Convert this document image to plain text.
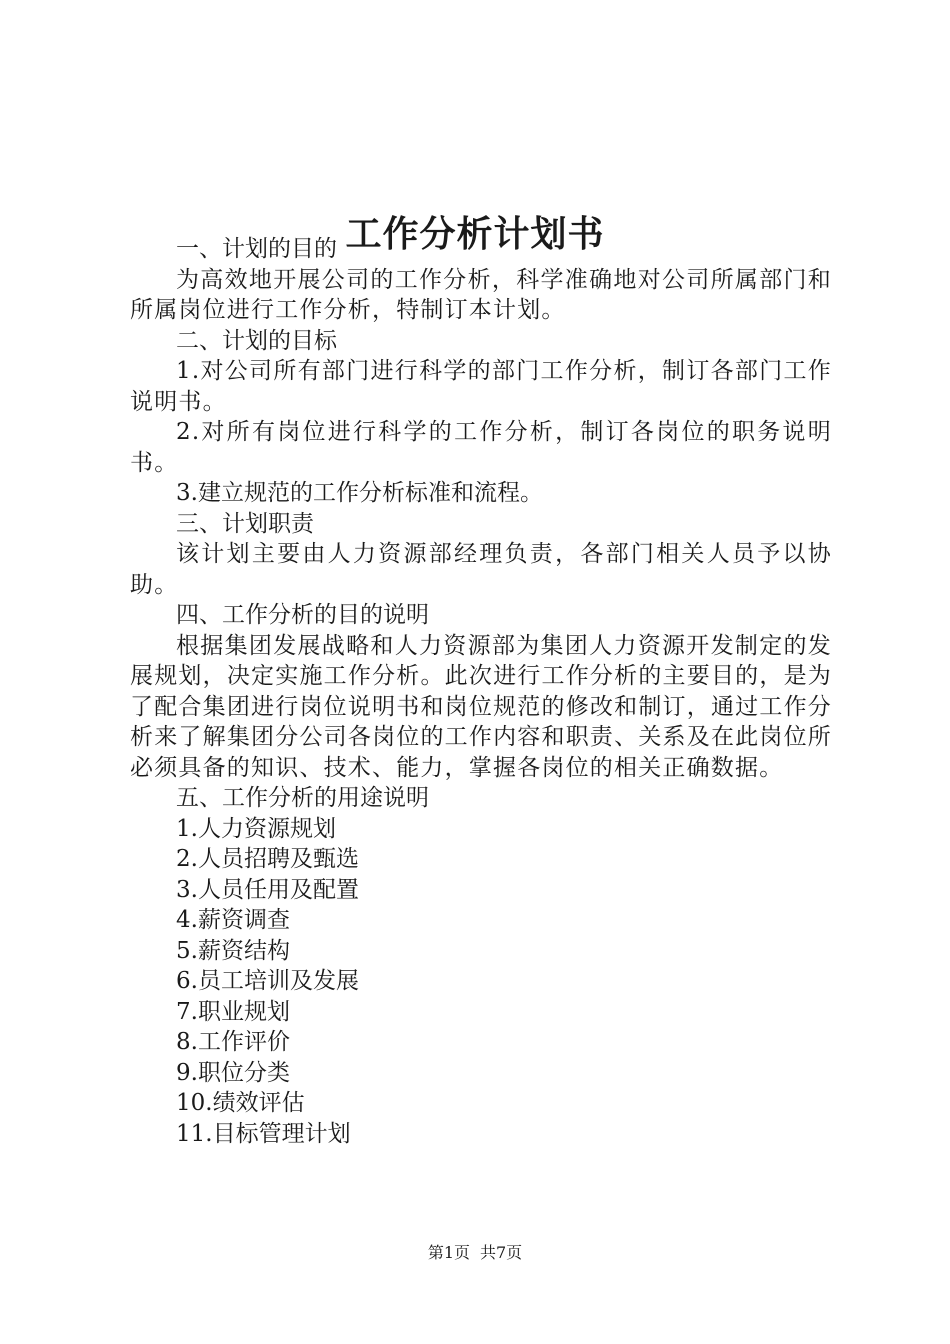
工作分析计划书

一、计划的目的

为高效地开展公司的工作分析，科学准确地对公司所属部门和所属岗位进行工作分析，特制订本计划。

二、计划的目标

1.对公司所有部门进行科学的部门工作分析，制订各部门工作说明书。

2.对所有岗位进行科学的工作分析，制订各岗位的职务说明书。

3.建立规范的工作分析标准和流程。

三、计划职责

该计划主要由人力资源部经理负责，各部门相关人员予以协助。

四、工作分析的目的说明

根据集团发展战略和人力资源部为集团人力资源开发制定的发展规划，决定实施工作分析。此次进行工作分析的主要目的，是为了配合集团进行岗位说明书和岗位规范的修改和制订，通过工作分析来了解集团分公司各岗位的工作内容和职责、关系及在此岗位所必须具备的知识、技术、能力，掌握各岗位的相关正确数据。

五、工作分析的用途说明

1.人力资源规划

2.人员招聘及甄选

3.人员任用及配置

4.薪资调查

5.薪资结构

6.员工培训及发展

7.职业规划

8.工作评价

9.职位分类

10.绩效评估

11.目标管理计划

第1页 共7页
